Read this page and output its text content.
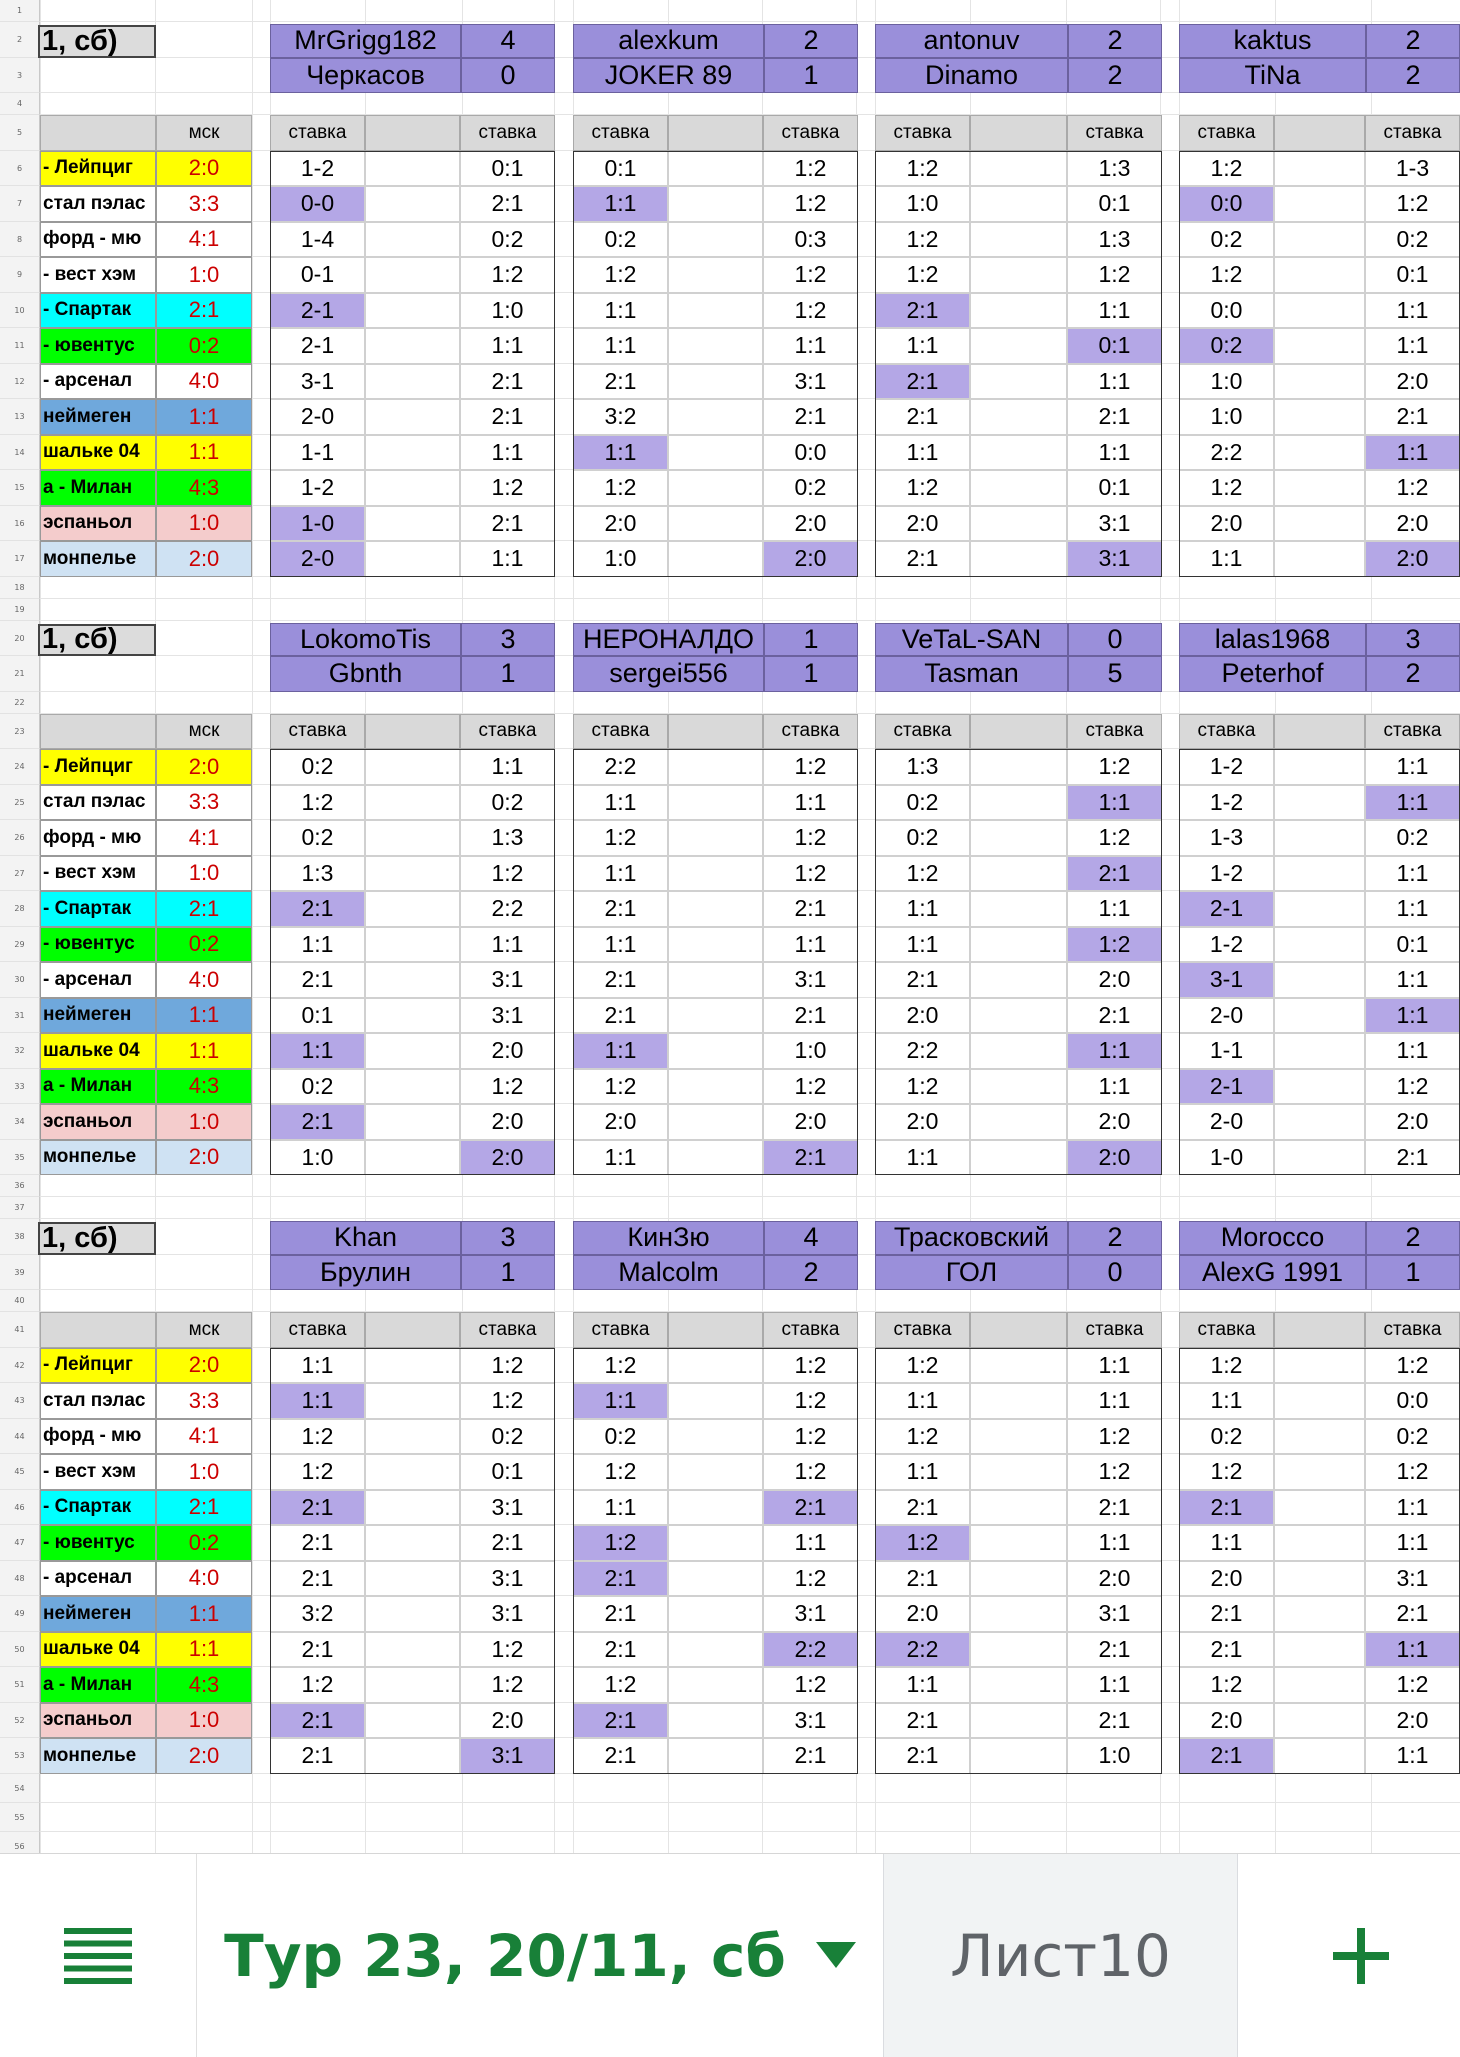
1
2
3
4
5
6
7
8
9
10
11
12
13
14
15
16
17
18
19
20
21
22
23
24
25
26
27
28
29
30
31
32
33
34
35
36
37
38
39
40
41
42
43
44
45
46
47
48
49
50
51
52
53
54
55
56
1, сб)
мск
- Лейпциг	2:0
стал пэлас	3:3
форд - мю	4:1
- вест хэм	1:0
- Спартак	2:1
- ювентус	0:2
- арсенал	4:0
неймеген	1:1
шальке 04	1:1
а - Милан	4:3
эспаньол	1:0
монпелье	2:0
MrGrigg182	4
Черкасов	0
ставка	ставка
1-2	0:1
0-0	2:1
1-4	0:2
0-1	1:2
2-1	1:0
2-1	1:1
3-1	2:1
2-0	2:1
1-1	1:1
1-2	1:2
1-0	2:1
2-0	1:1
alexkum	2
JOKER 89	1
ставка	ставка
0:1	1:2
1:1	1:2
0:2	0:3
1:2	1:2
1:1	1:2
1:1	1:1
2:1	3:1
3:2	2:1
1:1	0:0
1:2	0:2
2:0	2:0
1:0	2:0
antonuv	2
Dinamo	2
ставка	ставка
1:2	1:3
1:0	0:1
1:2	1:3
1:2	1:2
2:1	1:1
1:1	0:1
2:1	1:1
2:1	2:1
1:1	1:1
1:2	0:1
2:0	3:1
2:1	3:1
kaktus	2
TiNa	2
ставка	ставка
1:2	1-3
0:0	1:2
0:2	0:2
1:2	0:1
0:0	1:1
0:2	1:1
1:0	2:0
1:0	2:1
2:2	1:1
1:2	1:2
2:0	2:0
1:1	2:0
1, сб)
мск
- Лейпциг	2:0
стал пэлас	3:3
форд - мю	4:1
- вест хэм	1:0
- Спартак	2:1
- ювентус	0:2
- арсенал	4:0
неймеген	1:1
шальке 04	1:1
а - Милан	4:3
эспаньол	1:0
монпелье	2:0
LokomoTis	3
Gbnth	1
ставка	ставка
0:2	1:1
1:2	0:2
0:2	1:3
1:3	1:2
2:1	2:2
1:1	1:1
2:1	3:1
0:1	3:1
1:1	2:0
0:2	1:2
2:1	2:0
1:0	2:0
НЕРОНАЛДО	1
sergei556	1
ставка	ставка
2:2	1:2
1:1	1:1
1:2	1:2
1:1	1:2
2:1	2:1
1:1	1:1
2:1	3:1
2:1	2:1
1:1	1:0
1:2	1:2
2:0	2:0
1:1	2:1
VeTaL-SAN	0
Tasman	5
ставка	ставка
1:3	1:2
0:2	1:1
0:2	1:2
1:2	2:1
1:1	1:1
1:1	1:2
2:1	2:0
2:0	2:1
2:2	1:1
1:2	1:1
2:0	2:0
1:1	2:0
lalas1968	3
Peterhof	2
ставка	ставка
1-2	1:1
1-2	1:1
1-3	0:2
1-2	1:1
2-1	1:1
1-2	0:1
3-1	1:1
2-0	1:1
1-1	1:1
2-1	1:2
2-0	2:0
1-0	2:1
1, сб)
мск
- Лейпциг	2:0
стал пэлас	3:3
форд - мю	4:1
- вест хэм	1:0
- Спартак	2:1
- ювентус	0:2
- арсенал	4:0
неймеген	1:1
шальке 04	1:1
а - Милан	4:3
эспаньол	1:0
монпелье	2:0
Khan	3
Брулин	1
ставка	ставка
1:1	1:2
1:1	1:2
1:2	0:2
1:2	0:1
2:1	3:1
2:1	2:1
2:1	3:1
3:2	3:1
2:1	1:2
1:2	1:2
2:1	2:0
2:1	3:1
КинЗю	4
Malcolm	2
ставка	ставка
1:2	1:2
1:1	1:2
0:2	1:2
1:2	1:2
1:1	2:1
1:2	1:1
2:1	1:2
2:1	3:1
2:1	2:2
1:2	1:2
2:1	3:1
2:1	2:1
Трасковский	2
ГОЛ	0
ставка	ставка
1:2	1:1
1:1	1:1
1:2	1:2
1:1	1:2
2:1	2:1
1:2	1:1
2:1	2:0
2:0	3:1
2:2	2:1
1:1	1:1
2:1	2:1
2:1	1:0
Morocco	2
AlexG 1991	1
ставка	ставка
1:2	1:2
1:1	0:0
0:2	0:2
1:2	1:2
2:1	1:1
1:1	1:1
2:0	3:1
2:1	2:1
2:1	1:1
1:2	1:2
2:0	2:0
2:1	1:1
Тур 23, 20/11, сб	Лист10
